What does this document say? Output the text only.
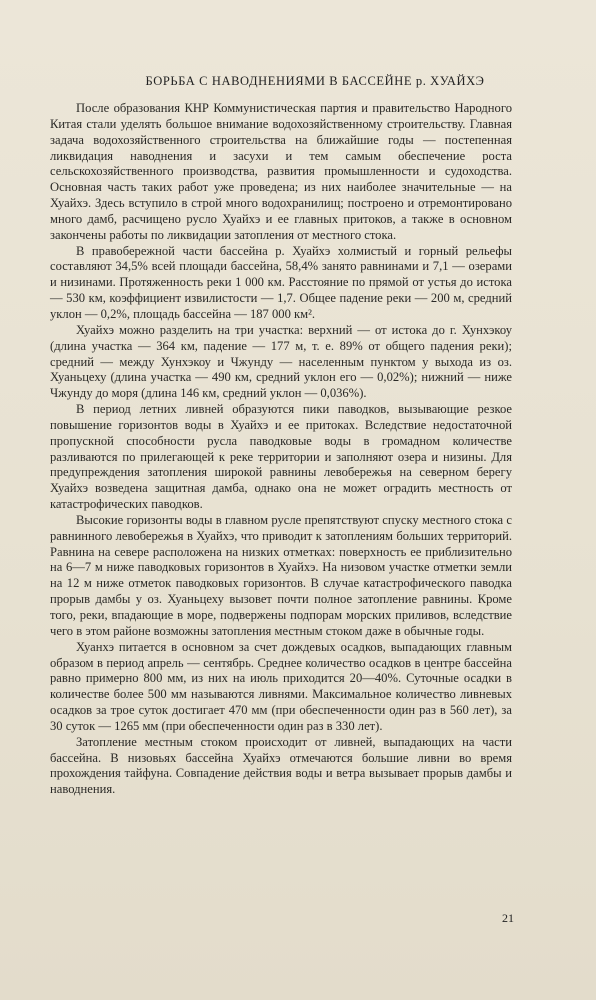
БОРЬБА С НАВОДНЕНИЯМИ В БАССЕЙНЕ р. ХУАЙХЭ

После образования КНР Коммунистическая партия и правительство Народного Китая стали уделять большое внимание водохозяйственному строительству. Главная задача водохозяйственного строительства на ближайшие годы — постепенная ликвидация наводнения и засухи и тем самым обеспечение роста сельскохозяйственного производства, развития промышленности и судоходства. Основная часть таких работ уже проведена; из них наиболее значительные — на Хуайхэ. Здесь вступило в строй много водохранилищ; построено и отремонтировано много дамб, расчищено русло Хуайхэ и ее главных притоков, а также в основном закончены работы по ликвидации затопления от местного стока.

В правобережной части бассейна р. Хуайхэ холмистый и горный рельефы составляют 34,5% всей площади бассейна, 58,4% занято равнинами и 7,1 — озерами и низинами. Протяженность реки 1 000 км. Расстояние по прямой от устья до истока — 530 км, коэффициент извилистости — 1,7. Общее падение реки — 200 м, средний уклон — 0,2%, площадь бассейна — 187 000 км².

Хуайхэ можно разделить на три участка: верхний — от истока до г. Хунхэкоу (длина участка — 364 км, падение — 177 м, т. е. 89% от общего падения реки); средний — между Хунхэкоу и Чжунду — населенным пунктом у выхода из оз. Хуаньцеху (длина участка — 490 км, средний уклон его — 0,02%); нижний — ниже Чжунду до моря (длина 146 км, средний уклон — 0,036%).

В период летних ливней образуются пики паводков, вызывающие резкое повышение горизонтов воды в Хуайхэ и ее притоках. Вследствие недостаточной пропускной способности русла паводковые воды в громадном количестве разливаются по прилегающей к реке территории и заполняют озера и низины. Для предупреждения затопления широкой равнины левобережья на северном берегу Хуайхэ возведена защитная дамба, однако она не может оградить местность от катастрофических паводков.

Высокие горизонты воды в главном русле препятствуют спуску местного стока с равнинного левобережья в Хуайхэ, что приводит к затоплениям больших территорий. Равнина на севере расположена на низких отметках: поверхность ее приблизительно на 6—7 м ниже паводковых горизонтов в Хуайхэ. На низовом участке отметки земли на 12 м ниже отметок паводковых горизонтов. В случае катастрофического паводка прорыв дамбы у оз. Хуаньцеху вызовет почти полное затопление равнины. Кроме того, реки, впадающие в море, подвержены подпорам морских приливов, вследствие чего в этом районе возможны затопления местным стоком даже в обычные годы.

Хуанхэ питается в основном за счет дождевых осадков, выпадающих главным образом в период апрель — сентябрь. Среднее количество осадков в центре бассейна равно примерно 800 мм, из них на июль приходится 20—40%. Суточные осадки в количестве более 500 мм называются ливнями. Максимальное количество ливневых осадков за трое суток достигает 470 мм (при обеспеченности один раз в 560 лет), за 30 суток — 1265 мм (при обеспеченности один раз в 330 лет).

Затопление местным стоком происходит от ливней, выпадающих на части бассейна. В низовьях бассейна Хуайхэ отмечаются большие ливни во время прохождения тайфуна. Совпадение действия воды и ветра вызывает прорыв дамбы и наводнения.

21
